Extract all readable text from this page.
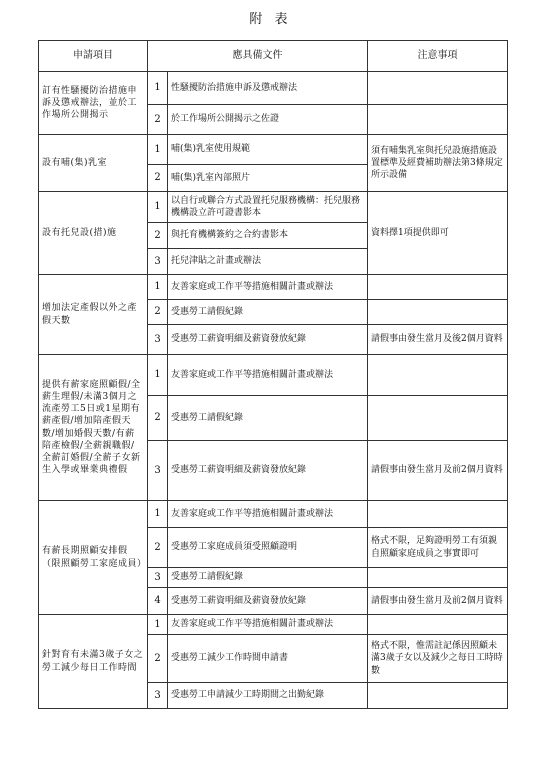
附 表
申請項目	應具備文件		注意事項
訂有性騷擾防治措施申訴及懲戒辦法，並於工作場所公開揭示	1	性騷擾防治措施申訴及懲戒辦法	
	2	於工作場所公開揭示之佐證	
設有哺(集)乳室	1	哺(集)乳室使用規範	須有哺集乳室與托兒設施措施設置標準及經費補助辦法第3條規定所示設備
	2	哺(集)乳室內部照片	
設有托兒設(措)施	1	以自行或聯合方式設置托兒服務機構：托兒服務機構設立許可證書影本	資料擇1項提供即可
	2	與托育機構簽約之合約書影本	
	3	托兒津貼之計畫或辦法	
增加法定產假以外之產假天數	1	友善家庭或工作平等措施相關計畫或辦法	
	2	受惠勞工請假紀錄	
	3	受惠勞工薪資明細及薪資發放紀錄	請假事由發生當月及後2個月資料
提供有薪家庭照顧假/全薪生理假/未滿3個月之流產勞工5日或1星期有薪產假/增加陪產假天數/增加婚假天數/有薪陪產檢假/全薪親職假/全薪訂婚假/全薪子女新生入學或畢業典禮假	1	友善家庭或工作平等措施相關計畫或辦法	
	2	受惠勞工請假紀錄	
	3	受惠勞工薪資明細及薪資發放紀錄	請假事由發生當月及前2個月資料
有薪長期照顧安排假（限照顧勞工家庭成員）	1	友善家庭或工作平等措施相關計畫或辦法	
	2	受惠勞工家庭成員須受照顧證明	格式不限，足夠證明勞工有須親自照顧家庭成員之事實即可
	3	受惠勞工請假紀錄	
	4	受惠勞工薪資明細及薪資發放紀錄	請假事由發生當月及前2個月資料
針對育有未滿3歲子女之勞工減少每日工作時間	1	友善家庭或工作平等措施相關計畫或辦法	
	2	受惠勞工減少工作時間申請書	格式不限，惟需註記係因照顧未滿3歲子女以及減少之每日工時時數
	3	受惠勞工申請減少工時期間之出勤紀錄	
